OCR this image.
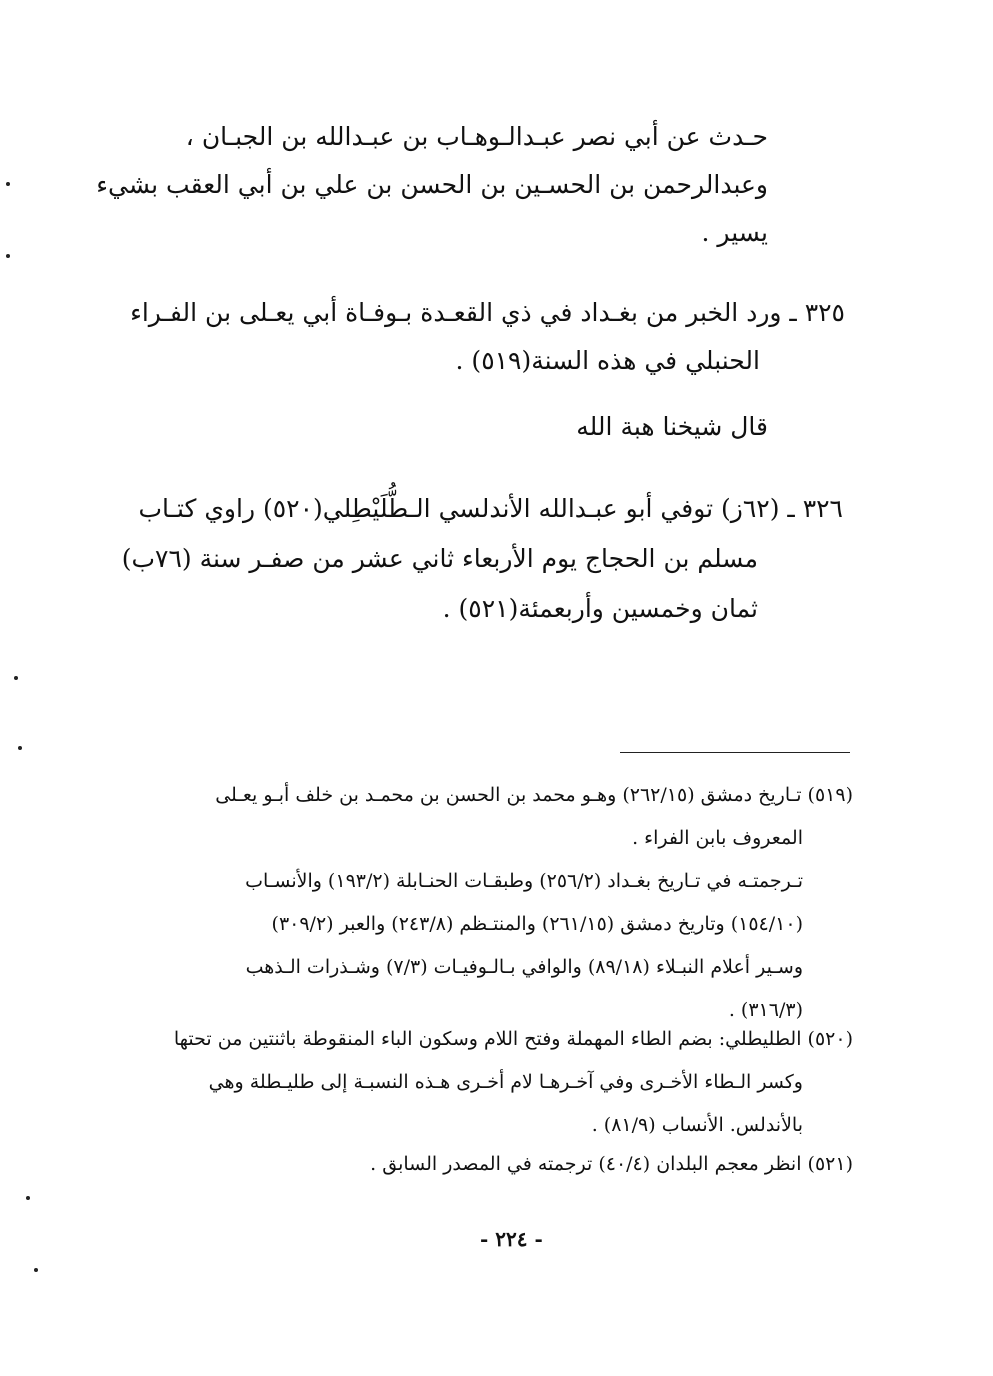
حـدث عن أبي نصر عبـدالـوهـاب بن عبـدالله بن الجبـان ،
وعبدالرحمن بن الحسـين بن الحسن بن علي بن أبي العقب بشيء
يسير .
٣٢٥ ـ ورد الخبر من بغـداد في ذي القعـدة بـوفـاة أبي يعـلى بن الفـراء
الحنبلي في هذه السنة(٥١٩) .
قال شيخنا هبة الله
٣٢٦ ـ (٦٢ز) توفي أبو عبـدالله الأندلسي الـطُّلَيْطِلي(٥٢٠) راوي كتـاب
مسلم بن الحجاج يوم الأربعاء ثاني عشر من صفـر سنة (٧٦ب)
ثمان وخمسين وأربعمئة(٥٢١) .
(٥١٩) تـاريخ دمشق (٢٦٢/١٥) وهـو محمد بن الحسن بن محمـد بن خلف أبـو يعـلى
المعروف بابن الفراء .
تـرجمتـه في تـاريخ بغـداد (٢٥٦/٢) وطبقـات الحنـابلة (١٩٣/٢) والأنسـاب
(١٥٤/١٠) وتاريخ دمشق (٢٦١/١٥) والمنتـظم (٢٤٣/٨) والعبر (٣٠٩/٢)
وسـير أعلام النبـلاء (٨٩/١٨) والوافي بـالـوفيـات (٧/٣) وشـذرات الـذهب
(٣١٦/٣) .
(٥٢٠) الطليطلي: بضم الطاء المهملة وفتح اللام وسكون الباء المنقوطة باثنتين من تحتها
وكسر الـطاء الأخـرى وفي آخـرهـا لام أخـرى هـذه النسبـة إلى طليـطلة وهي
بالأندلس. الأنساب (٨١/٩) .
(٥٢١) انظر معجم البلدان (٤٠/٤) ترجمته في المصدر السابق .
- ٢٢٤ -
